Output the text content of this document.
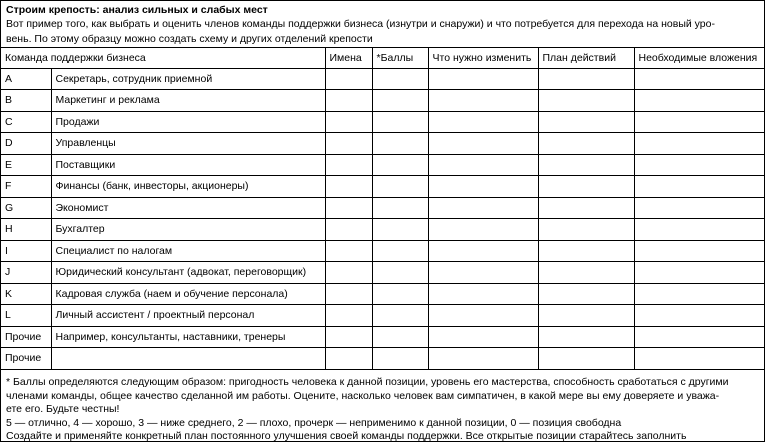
Строим крепость: анализ сильных и слабых мест
Вот пример того, как выбрать и оценить членов команды поддержки бизнеса (изнутри и снаружи) и что потребуется для перехода на новый уро-
вень. По этому образцу можно создать схему и других отделений крепости
Команда поддержки бизнеса		Имена	*Баллы	Что нужно изменить	План действий	Необходимые вложения
A	Секретарь, сотрудник приемной					
B	Маркетинг и реклама					
C	Продажи					
D	Управленцы					
E	Поставщики					
F	Финансы (банк, инвесторы, акционеры)					
G	Экономист					
H	Бухгалтер					
I	Специалист по налогам					
J	Юридический консультант (адвокат, переговорщик)					
K	Кадровая служба (наем и обучение персонала)					
L	Личный ассистент / проектный персонал					
Прочие	Например, консультанты, наставники, тренеры					
Прочие						
* Баллы определяются следующим образом: пригодность человека к данной позиции, уровень его мастерства, способность сработаться с другими
членами команды, общее качество сделанной им работы. Оцените, насколько человек вам симпатичен, в какой мере вы ему доверяете и уважа-
ете его. Будьте честны!
5 — отлично, 4 — хорошо, 3 — ниже среднего, 2 — плохо, прочерк — неприменимо к данной позиции, 0 — позиция свободна
Создайте и применяйте конкретный план постоянного улучшения своей команды поддержки. Все открытые позиции старайтесь заполнить
